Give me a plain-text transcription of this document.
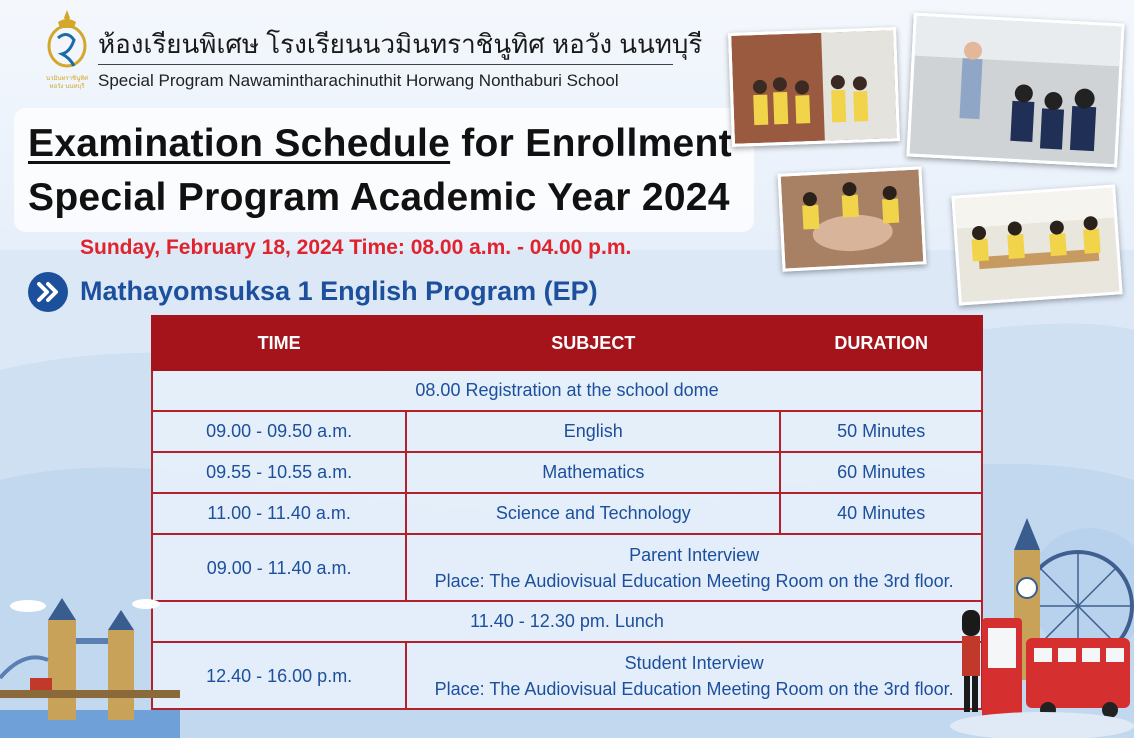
นวมินทราชินูทิศ
หอวัง นนทบุรี
ห้องเรียนพิเศษ โรงเรียนนวมินทราชินูทิศ หอวัง นนทบุรี
Special Program Nawamintharachinuthit Horwang Nonthaburi School
Examination Schedule for Enrollment
Special Program Academic Year 2024
Sunday, February 18, 2024 Time: 08.00 a.m. - 04.00 p.m.
Mathayomsuksa 1 English Program (EP)
TIME	SUBJECT	DURATION
08.00 Registration at the school dome		
09.00 - 09.50 a.m.	English	50 Minutes
09.55 - 10.55 a.m.	Mathematics	60 Minutes
11.00 - 11.40 a.m.	Science and Technology	40 Minutes
09.00 - 11.40 a.m.	Parent Interview
Place: The Audiovisual Education Meeting Room on the 3rd floor.	

11.40 - 12.30 pm. Lunch		
12.40 - 16.00 p.m.	Student Interview
Place: The Audiovisual Education Meeting Room on the 3rd floor.	
